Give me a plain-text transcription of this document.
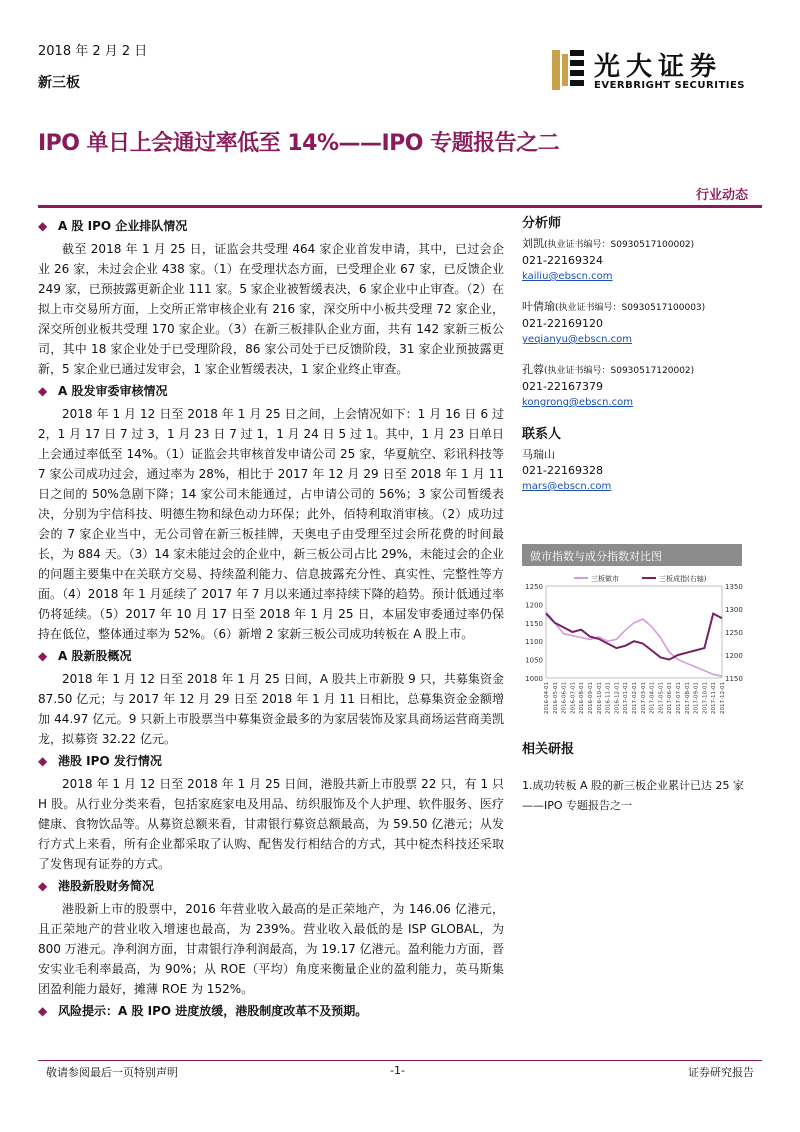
2018 年 2 月 2 日
新三板
光大证券
EVERBRIGHT SECURITIES
IPO 单日上会通过率低至 14%——IPO 专题报告之二
行业动态
◆ A 股 IPO 企业排队情况

截至 2018 年 1 月 25 日，证监会共受理 464 家企业首发申请，其中，已过会企业 26 家，未过会企业 438 家。（1）在受理状态方面，已受理企业 67 家，已反馈企业 249 家，已预披露更新企业 111 家。5 家企业被暂缓表决，6 家企业中止审查。（2）在拟上市交易所方面，上交所正常审核企业有 216 家，深交所中小板共受理 72 家企业，深交所创业板共受理 170 家企业。（3）在新三板排队企业方面，共有 142 家新三板公司，其中 18 家企业处于已受理阶段，86 家公司处于已反馈阶段，31 家企业预披露更新，5 家企业已通过发审会，1 家企业暂缓表决，1 家企业终止审查。

◆ A 股发审委审核情况

2018 年 1 月 12 日至 2018 年 1 月 25 日之间，上会情况如下：1 月 16 日 6 过 2，1 月 17 日 7 过 3，1 月 23 日 7 过 1，1 月 24 日 5 过 1。其中，1 月 23 日单日上会通过率低至 14%。（1）证监会共审核首发申请公司 25 家，华夏航空、彩讯科技等 7 家公司成功过会，通过率为 28%，相比于 2017 年 12 月 29 日至 2018 年 1 月 11 日之间的 50%急剧下降；14 家公司未能通过，占申请公司的 56%；3 家公司暂缓表决，分别为宇信科技、明德生物和绿色动力环保；此外，佰特利取消审核。（2）成功过会的 7 家企业当中，无公司曾在新三板挂牌，天奥电子由受理至过会所花费的时间最长，为 884 天。（3）14 家未能过会的企业中，新三板公司占比 29%，未能过会的企业的问题主要集中在关联方交易、持续盈利能力、信息披露充分性、真实性、完整性等方面。（4）2018 年 1 月延续了 2017 年 7 月以来通过率持续下降的趋势。预计低通过率仍将延续。（5）2017 年 10 月 17 日至 2018 年 1 月 25 日，本届发审委通过率仍保持在低位，整体通过率为 52%。（6）新增 2 家新三板公司成功转板在 A 股上市。

◆ A 股新股概况

2018 年 1 月 12 日至 2018 年 1 月 25 日间，A 股共上市新股 9 只，共募集资金 87.50 亿元；与 2017 年 12 月 29 日至 2018 年 1 月 11 日相比，总募集资金金额增加 44.97 亿元。9 只新上市股票当中募集资金最多的为家居装饰及家具商场运营商美凯龙，拟募资 32.22 亿元。

◆ 港股 IPO 发行情况

2018 年 1 月 12 日至 2018 年 1 月 25 日间，港股共新上市股票 22 只，有 1 只 H 股。从行业分类来看，包括家庭家电及用品、纺织服饰及个人护理、软件服务、医疗健康、食物饮品等。从募资总额来看，甘肃银行募资总额最高，为 59.50 亿港元；从发行方式上来看，所有企业都采取了认购、配售发行相结合的方式，其中椗杰科技还采取了发售现有证券的方式。

◆ 港股新股财务简况

港股新上市的股票中，2016 年营业收入最高的是正荣地产，为 146.06 亿港元，且正荣地产的营业收入增速也最高，为 239%。营业收入最低的是 ISP GLOBAL，为 800 万港元。净利润方面，甘肃银行净利润最高，为 19.17 亿港元。盈利能力方面，晋安实业毛利率最高，为 90%；从 ROE（平均）角度来衡量企业的盈利能力，英马斯集团盈利能力最好，摊薄 ROE 为 152%。

◆ 风险提示：A 股 IPO 进度放缓，港股制度改革不及预期。
分析师
刘凯(执业证书编号：S0930517100002)
021-22169324
kailiu@ebscn.com
叶倩瑜(执业证书编号：S0930517100003)
021-22169120
yeqianyu@ebscn.com
孔蓉(执业证书编号：S0930517120002)
021-22167379
kongrong@ebscn.com
联系人
马瑞山
021-22169328
mars@ebscn.com
做市指数与成分指数对比图
1000
1050
1100
1150
1200
1250
1150
1200
1250
1300
1350
2016-04-01 2016-05-01 2016-06-01 2016-07-01 2016-08-01 2016-09-01 2016-10-01 2016-11-01 2016-12-01 2017-01-01 2017-02-01 2017-03-01 2017-04-01 2017-05-01 2017-06-01 2017-07-01 2017-08-01 2017-09-01 2017-10-01 2017-11-01 2017-12-01
三板做市	三板成指(右轴)
相关研报
1.成功转板 A 股的新三板企业累计已达 25 家——IPO 专题报告之一
敬请参阅最后一页特别声明	-1-	证券研究报告
